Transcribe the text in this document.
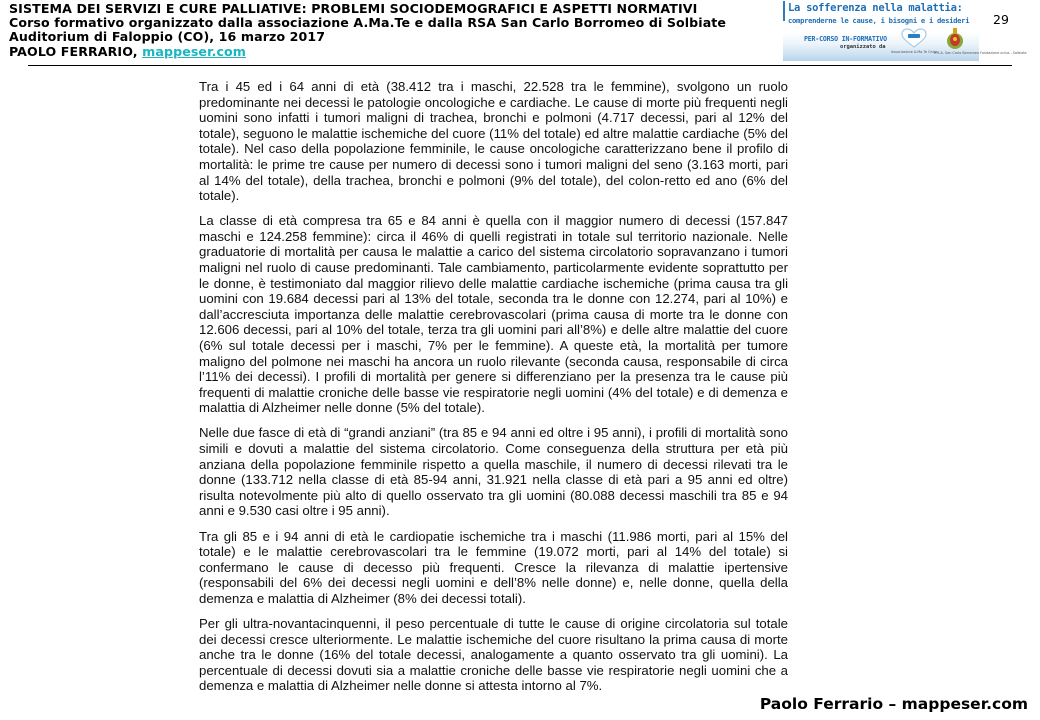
SISTEMA DEI SERVIZI E CURE PALLIATIVE: PROBLEMI SOCIODEMOGRAFICI E ASPETTI NORMATIVI
Corso formativo organizzato dalla associazione A.Ma.Te e dalla RSA San Carlo Borromeo di Solbiate
Auditorium di Faloppio (CO), 16 marzo 2017
PAOLO FERRARIO, mappeser.com
La sofferenza nella malattia:
comprenderne le cause, i bisogni e i desideri
PER-CORSO IN-FORMATIVO
organizzato da
Associazione A.Ma.Te Onlus
R.S.A. San Carlo Borromeo Fondazione onlus - Solbiate
29

Tra i 45 ed i 64 anni di età (38.412 tra i maschi, 22.528 tra le femmine), svolgono un ruolo predominante nei decessi le patologie oncologiche e cardiache. Le cause di morte più frequenti negli uomini sono infatti i tumori maligni di trachea, bronchi e polmoni (4.717 decessi, pari al 12% del totale), seguono le malattie ischemiche del cuore (11% del totale) ed altre malattie cardiache (5% del totale). Nel caso della popolazione femminile, le cause oncologiche caratterizzano bene il profilo di mortalità: le prime tre cause per numero di decessi sono i tumori maligni del seno (3.163 morti, pari al 14% del totale), della trachea, bronchi e polmoni (9% del totale), del colon-retto ed ano (6% del totale).

La classe di età compresa tra 65 e 84 anni è quella con il maggior numero di decessi (157.847 maschi e 124.258 femmine): circa il 46% di quelli registrati in totale sul territorio nazionale. Nelle graduatorie di mortalità per causa le malattie a carico del sistema circolatorio sopravanzano i tumori maligni nel ruolo di cause predominanti. Tale cambiamento, particolarmente evidente soprattutto per le donne, è testimoniato dal maggior rilievo delle malattie cardiache ischemiche (prima causa tra gli uomini con 19.684 decessi pari al 13% del totale, seconda tra le donne con 12.274, pari al 10%) e dall’accresciuta importanza delle malattie cerebrovascolari (prima causa di morte tra le donne con 12.606 decessi, pari al 10% del totale, terza tra gli uomini pari all’8%) e delle altre malattie del cuore (6% sul totale decessi per i maschi, 7% per le femmine). A queste età, la mortalità per tumore maligno del polmone nei maschi ha ancora un ruolo rilevante (seconda causa, responsabile di circa l’11% dei decessi). I profili di mortalità per genere si differenziano per la presenza tra le cause più frequenti di malattie croniche delle basse vie respiratorie negli uomini (4% del totale) e di demenza e malattia di Alzheimer nelle donne (5% del totale).

Nelle due fasce di età di “grandi anziani” (tra 85 e 94 anni ed oltre i 95 anni), i profili di mortalità sono simili e dovuti a malattie del sistema circolatorio. Come conseguenza della struttura per età più anziana della popolazione femminile rispetto a quella maschile, il numero di decessi rilevati tra le donne (133.712 nella classe di età 85-94 anni, 31.921 nella classe di età pari a 95 anni ed oltre) risulta notevolmente più alto di quello osservato tra gli uomini (80.088 decessi maschili tra 85 e 94 anni e 9.530 casi oltre i 95 anni).

Tra gli 85 e i 94 anni di età le cardiopatie ischemiche tra i maschi (11.986 morti, pari al 15% del totale) e le malattie cerebrovascolari tra le femmine (19.072 morti, pari al 14% del totale) si confermano le cause di decesso più frequenti. Cresce la rilevanza di malattie ipertensive (responsabili del 6% dei decessi negli uomini e dell’8% nelle donne) e, nelle donne, quella della demenza e malattia di Alzheimer (8% dei decessi totali).

Per gli ultra-novantacinquenni, il peso percentuale di tutte le cause di origine circolatoria sul totale dei decessi cresce ulteriormente. Le malattie ischemiche del cuore risultano la prima causa di morte anche tra le donne (16% del totale decessi, analogamente a quanto osservato tra gli uomini). La percentuale di decessi dovuti sia a malattie croniche delle basse vie respiratorie negli uomini che a demenza e malattia di Alzheimer nelle donne si attesta intorno al 7%.

Paolo Ferrario – mappeser.com
